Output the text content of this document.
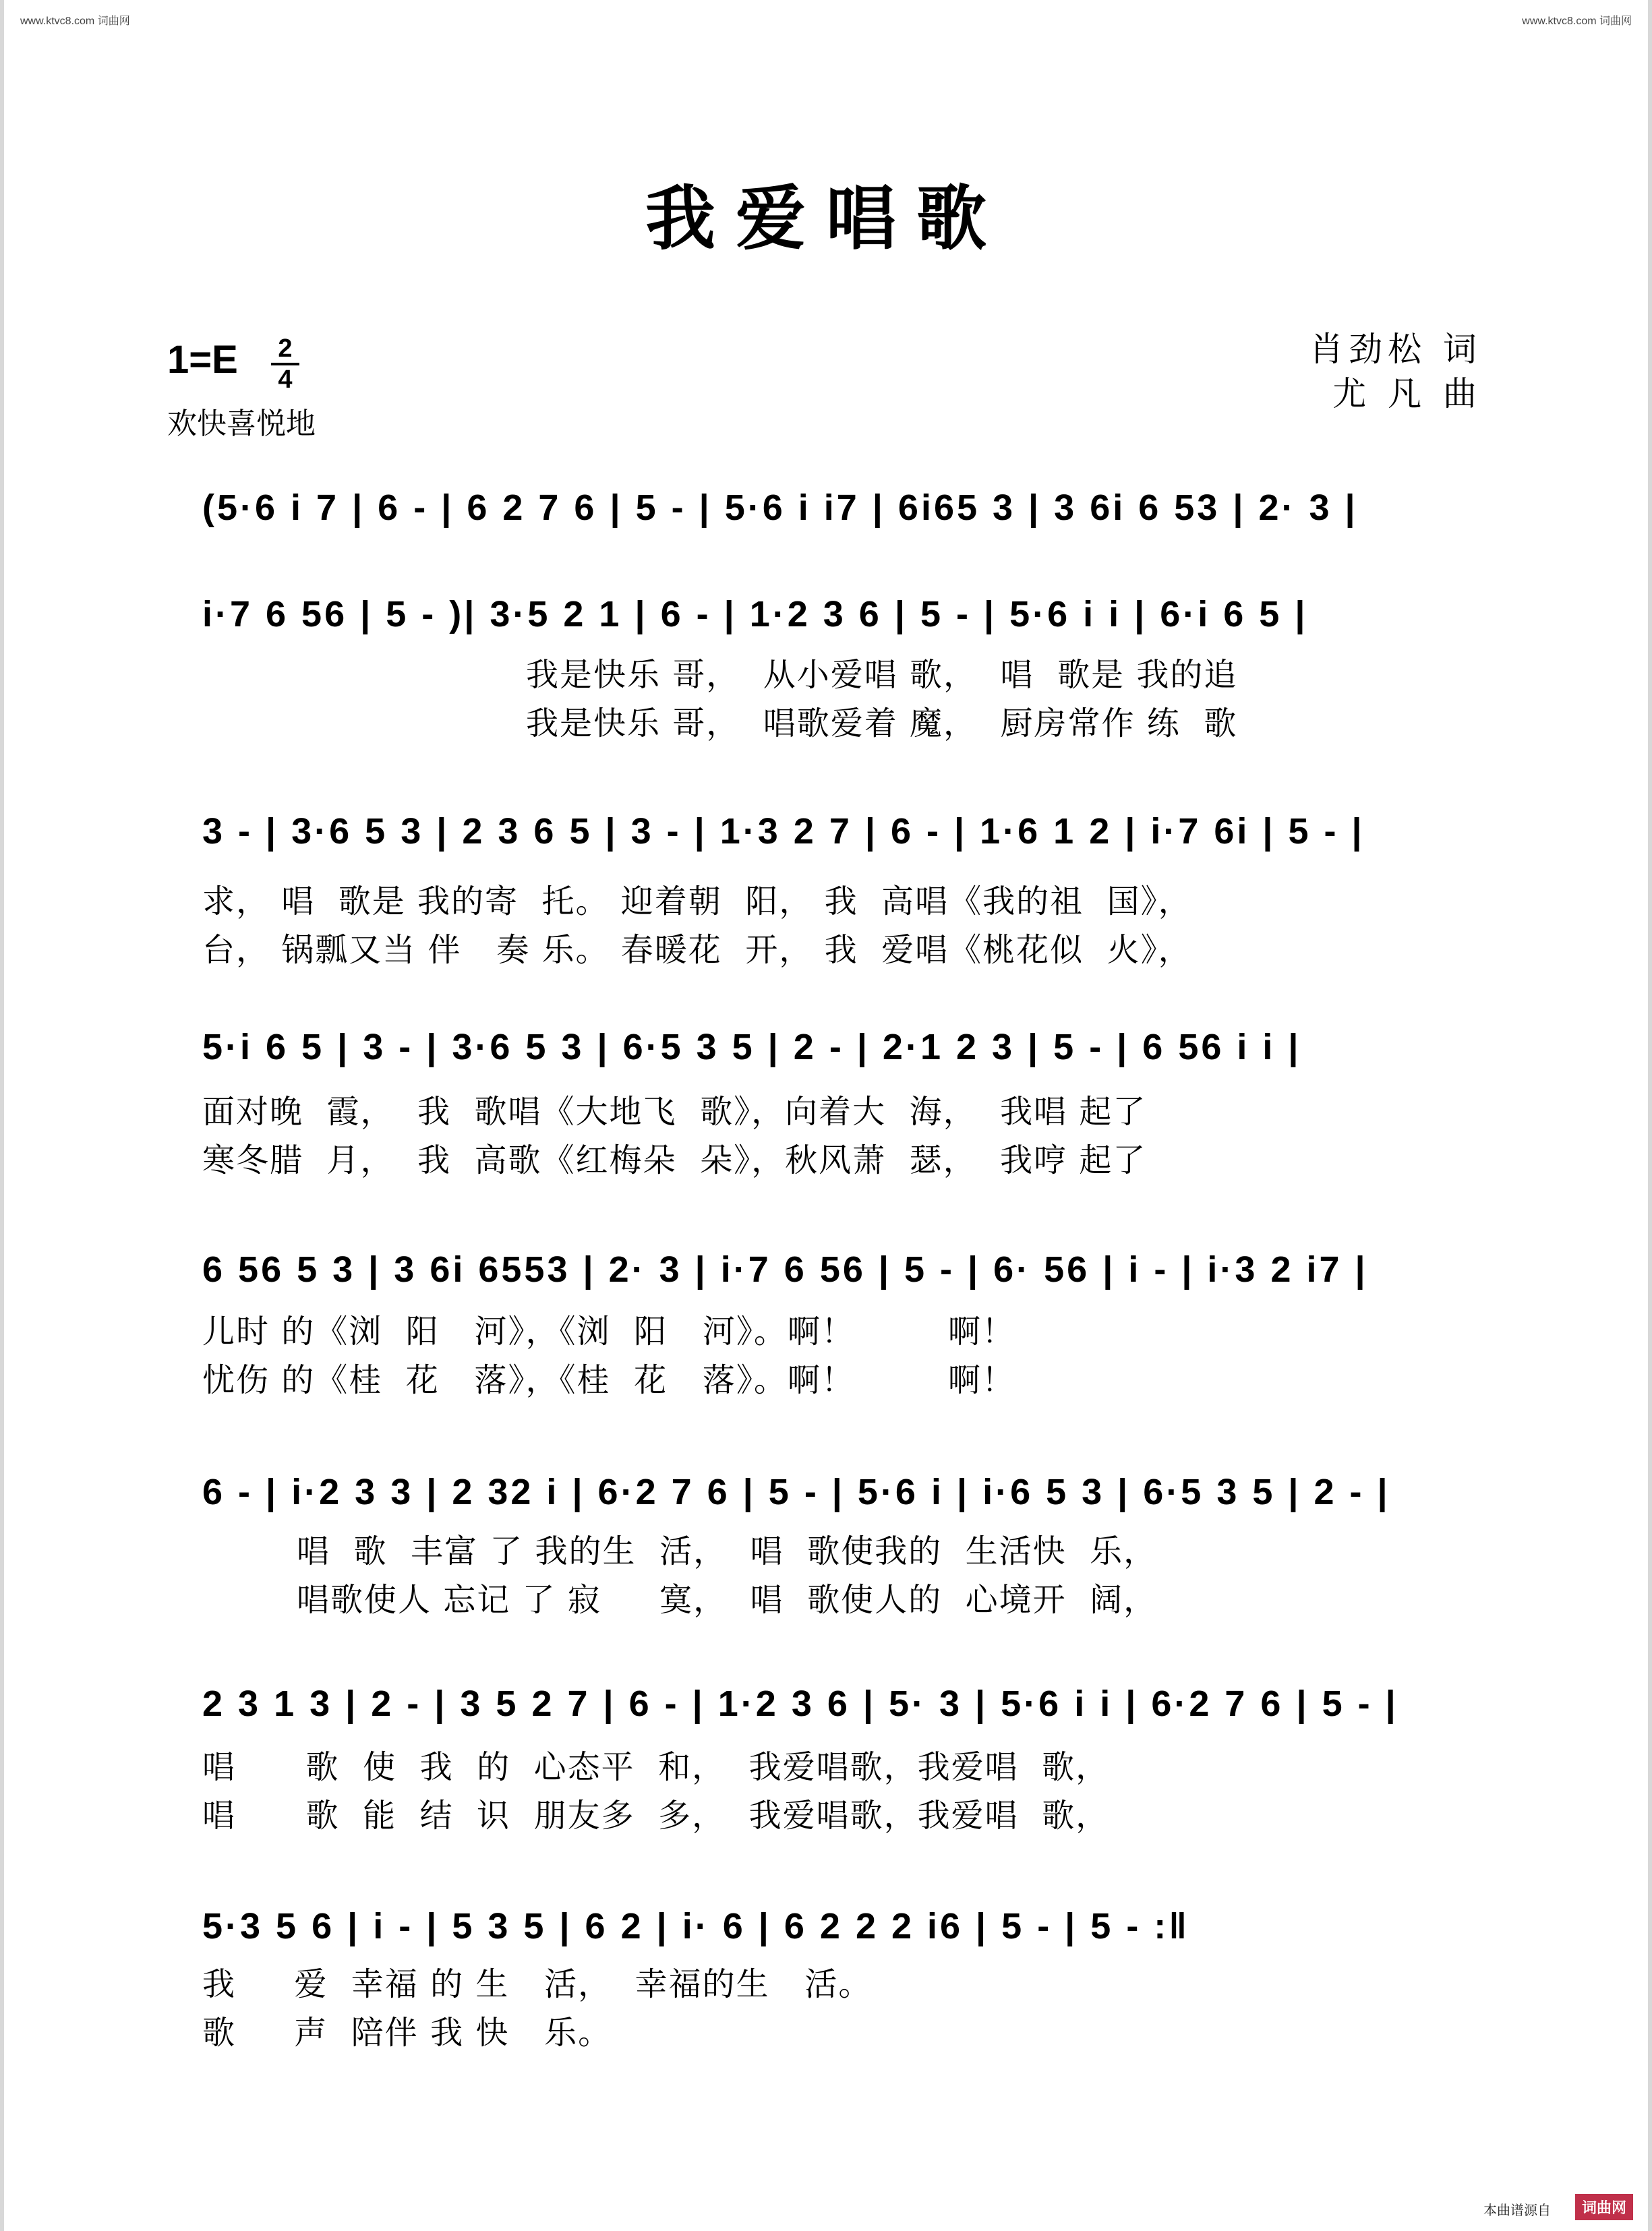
www.ktvc8.com 词曲网	www.ktvc8.com 词曲网
我爱唱歌
1=E	2
4
欢快喜悦地
肖劲松 词
尤 凡 曲
(5·6 i 7 | 6 - | 6 2 7 6 | 5 - | 5·6 i i7 | 6i65 3 | 3 6i 6 53 | 2· 3 |
i·7 6 56 | 5 - )| 3·5 2 1 | 6 - | 1·2 3 6 | 5 - | 5·6 i i | 6·i 6 5 |
我是快乐 哥，  从小爱唱 歌，  唱  歌是 我的追
我是快乐 哥，  唱歌爱着 魔，  厨房常作 练  歌
3 - | 3·6 5 3 | 2 3 6 5 | 3 - | 1·3 2 7 | 6 - | 1·6 1 2 | i·7 6i | 5 - |
求， 唱  歌是 我的寄  托。 迎着朝  阳， 我  高唱《我的祖  国》，
台， 锅瓢又当 伴   奏 乐。 春暖花  开， 我  爱唱《桃花似  火》，
5·i 6 5 | 3 - | 3·6 5 3 | 6·5 3 5 | 2 - | 2·1 2 3 | 5 - | 6 56 i i |
面对晚  霞，  我  歌唱《大地飞  歌》，向着大  海，  我唱 起了
寒冬腊  月，  我  高歌《红梅朵  朵》，秋风萧  瑟，  我哼 起了
6 56 5 3 | 3 6i 6553 | 2· 3 | i·7 6 56 | 5 - | 6· 56 | i - | i·3 2 i7 |
儿时 的《浏  阳   河》，《浏  阳   河》。啊！        啊！
忧伤 的《桂  花   落》，《桂  花   落》。啊！        啊！
6 - | i·2 3 3 | 2 32 i | 6·2 7 6 | 5 - | 5·6 i | i·6 5 3 | 6·5 3 5 | 2 - |
唱  歌  丰富 了 我的生  活，  唱  歌使我的  生活快  乐，
唱歌使人 忘记 了 寂     寞，  唱  歌使人的  心境开  阔，
2 3 1 3 | 2 - | 3 5 2 7 | 6 - | 1·2 3 6 | 5· 3 | 5·6 i i | 6·2 7 6 | 5 - |
唱      歌  使  我  的  心态平  和，  我爱唱歌，我爱唱  歌，
唱      歌  能  结  识  朋友多  多，  我爱唱歌，我爱唱  歌，
5·3 5 6 | i - | 5 3 5 | 6 2 | i· 6 | 6 2 2 2 i6 | 5 - | 5 - :‖
我     爱  幸福 的 生   活，  幸福的生   活。
歌     声  陪伴 我 快   乐。
本曲谱源自	词曲网
